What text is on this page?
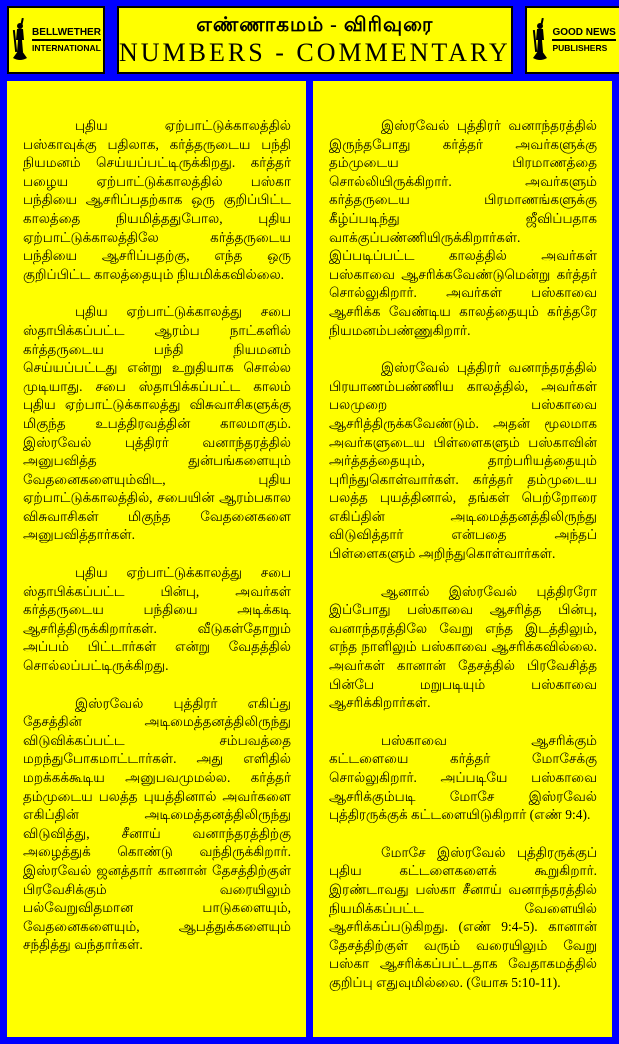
BELLWETHER
INTERNATIONAL
எண்ணாகமம் - விரிவுரை
NUMBERS - COMMENTARY
GOOD NEWS
PUBLISHERS

புதிய ஏற்பாட்டுக்காலத்தில் பஸ்காவுக்கு பதிலாக, கர்த்தருடைய பந்தி நியமனம் செய்யப்பட்டிருக்கிறது. கர்த்தர் பழைய ஏற்பாட்டுக்காலத்தில் பஸ்கா பந்தியை ஆசரிப்பதற்காக ஒரு குறிப்பிட்ட காலத்தை நியமித்ததுபோல, புதிய ஏற்பாட்டுக்காலத்திலே கர்த்தருடைய பந்தியை ஆசரிப்பதற்கு, எந்த ஒரு குறிப்பிட்ட காலத்தையும் நியமிக்கவில்லை.

புதிய ஏற்பாட்டுக்காலத்து சபை ஸ்தாபிக்கப்பட்ட ஆரம்ப நாட்களில் கர்த்தருடைய பந்தி நியமனம் செய்யப்பட்டது என்று உறுதியாக சொல்ல முடியாது. சபை ஸ்தாபிக்கப்பட்ட காலம் புதிய ஏற்பாட்டுக்காலத்து விசுவாசிகளுக்கு மிகுந்த உபத்திரவத்தின் காலமாகும். இஸ்ரவேல் புத்திரர் வனாந்தரத்தில் அனுபவித்த துன்பங்களையும் வேதனைகளையும்விட, புதிய ஏற்பாட்டுக்காலத்தில், சபையின் ஆரம்பகால விசுவாசிகள் மிகுந்த வேதனைகளை அனுபவித்தார்கள்.

புதிய ஏற்பாட்டுக்காலத்து சபை ஸ்தாபிக்கப்பட்ட பின்பு, அவர்கள் கர்த்தருடைய பந்தியை அடிக்கடி ஆசரித்திருக்கிறார்கள். வீடுகள்தோறும் அப்பம் பிட்டார்கள் என்று வேதத்தில் சொல்லப்பட்டிருக்கிறது.

இஸ்ரவேல் புத்திரர் எகிப்து தேசத்தின் அடிமைத்தனத்திலிருந்து விடுவிக்கப்பட்ட சம்பவத்தை மறந்துபோகமாட்டார்கள். அது எளிதில் மறக்கக்கூடிய அனுபவமுமல்ல. கர்த்தர் தம்முடைய பலத்த புயத்தினால் அவர்களை எகிப்தின் அடிமைத்தனத்திலிருந்து விடுவித்து, சீனாய் வனாந்தரத்திற்கு அழைத்துக் கொண்டு வந்திருக்கிறார். இஸ்ரவேல் ஜனத்தார் கானான் தேசத்திற்குள் பிரவேசிக்கும் வரையிலும் பல்வேறுவிதமான பாடுகளையும், வேதனைகளையும், ஆபத்துக்களையும் சந்தித்து வந்தார்கள்.

இஸ்ரவேல் புத்திரர் வனாந்தரத்தில் இருந்தபோது கர்த்தர் அவர்களுக்கு தம்முடைய பிரமாணத்தை சொல்லியிருக்கிறார். அவர்களும் கர்த்தருடைய பிரமாணங்களுக்கு கீழ்ப்படிந்து ஜீவிப்பதாக வாக்குப்பண்ணியிருக்கிறார்கள். இப்படிப்பட்ட காலத்தில் அவர்கள் பஸ்காவை ஆசரிக்கவேண்டுமென்று கர்த்தர் சொல்லுகிறார். அவர்கள் பஸ்காவை ஆசரிக்க வேண்டிய காலத்தையும் கர்த்தரே நியமனம்பண்ணுகிறார்.

இஸ்ரவேல் புத்திரர் வனாந்தரத்தில் பிரயாணம்பண்ணிய காலத்தில், அவர்கள் பலமுறை பஸ்காவை ஆசரித்திருக்கவேண்டும். அதன் மூலமாக அவர்களுடைய பிள்ளைகளும் பஸ்காவின் அர்த்தத்தையும், தாற்பரியத்தையும் புரிந்துகொள்வார்கள். கர்த்தர் தம்முடைய பலத்த புயத்தினால், தங்கள் பெற்றோரை எகிப்தின் அடிமைத்தனத்திலிருந்து விடுவித்தார் என்பதை அந்தப் பிள்ளைகளும் அறிந்துகொள்வார்கள்.

ஆனால் இஸ்ரவேல் புத்திரரோ இப்போது பஸ்காவை ஆசரித்த பின்பு, வனாந்தரத்திலே வேறு எந்த இடத்திலும், எந்த நாளிலும் பஸ்காவை ஆசரிக்கவில்லை. அவர்கள் கானான் தேசத்தில் பிரவேசித்த பின்பே மறுபடியும் பஸ்காவை ஆசரிக்கிறார்கள்.

பஸ்காவை ஆசரிக்கும் கட்டளையை கர்த்தர் மோசேக்கு சொல்லுகிறார். அப்படியே பஸ்காவை ஆசரிக்கும்படி மோசே இஸ்ரவேல் புத்திரருக்குக் கட்டளையிடுகிறார் (எண் 9:4).

மோசே இஸ்ரவேல் புத்திரருக்குப் புதிய கட்டளைகளைக் கூறுகிறார். இரண்டாவது பஸ்கா சீனாய் வனாந்தரத்தில் நியமிக்கப்பட்ட வேளையில் ஆசரிக்கப்படுகிறது. (எண் 9:4-5). கானான் தேசத்திற்குள் வரும் வரையிலும் வேறு பஸ்கா ஆசரிக்கப்பட்டதாக வேதாகமத்தில் குறிப்பு எதுவுமில்லை. (யோசு 5:10-11).
